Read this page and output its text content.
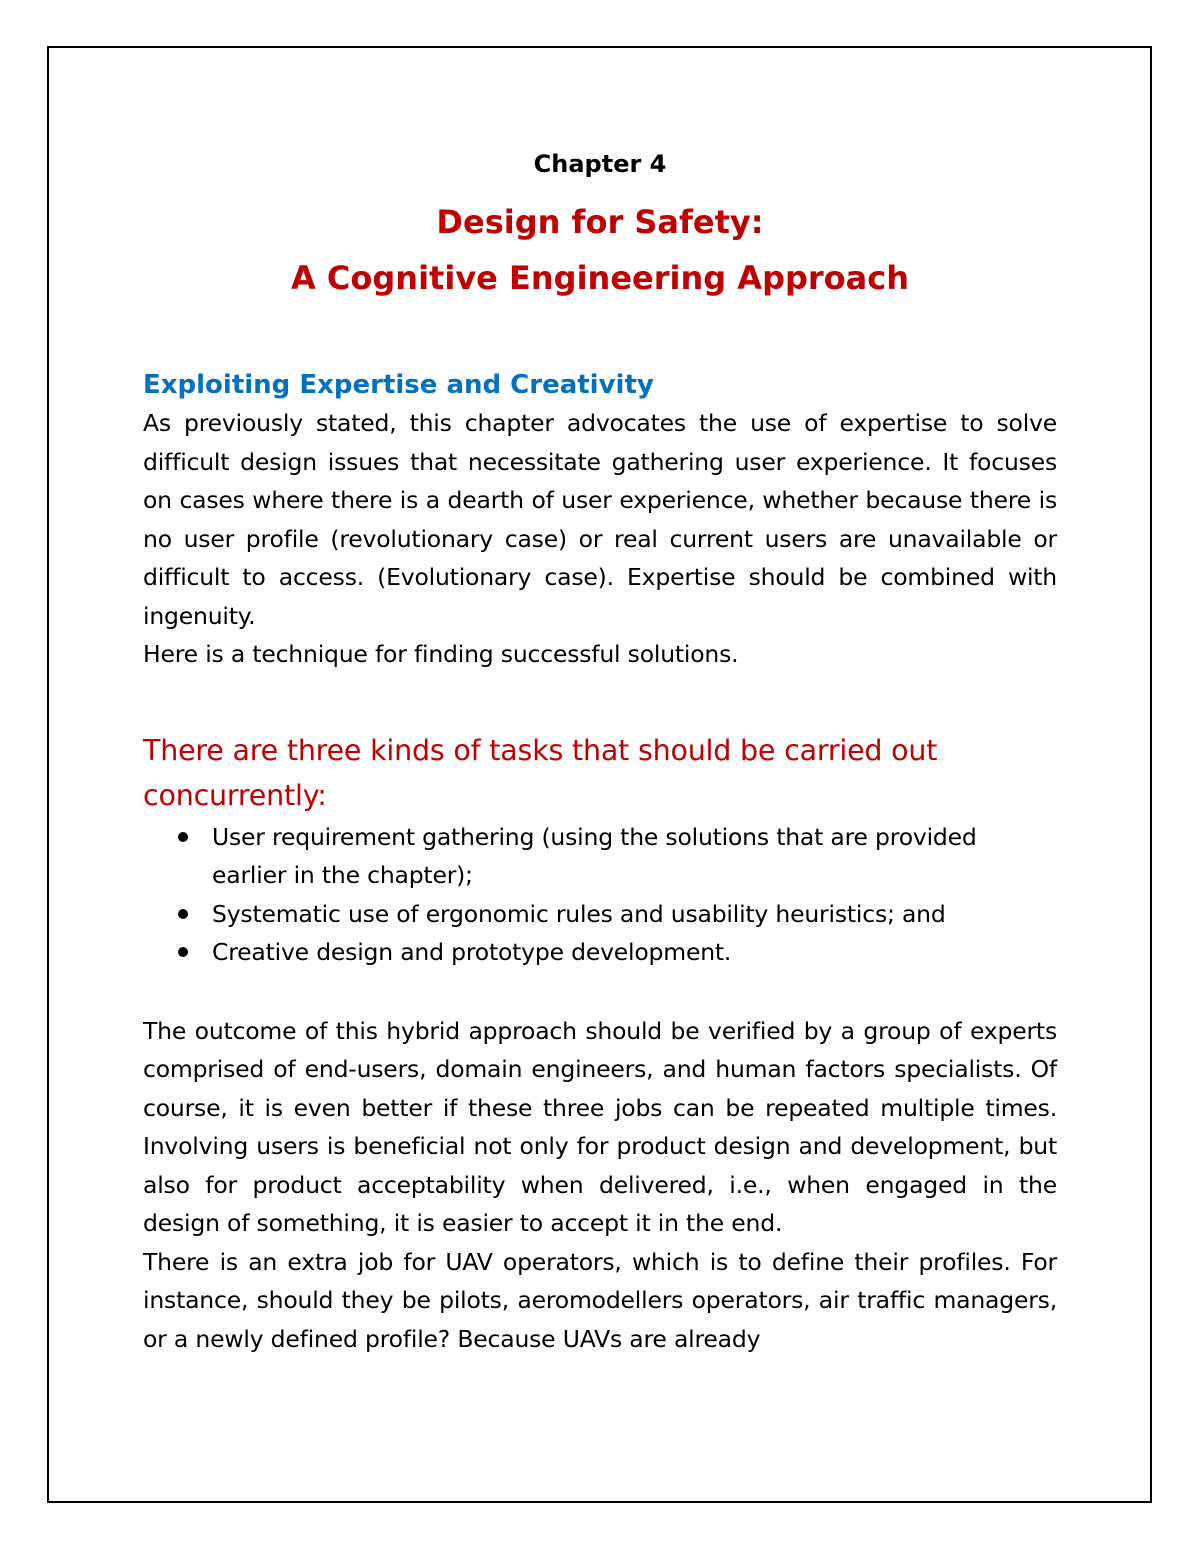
Chapter 4
Design for Safety:
A Cognitive Engineering Approach
Exploiting Expertise and Creativity

As previously stated, this chapter advocates the use of expertise to solve difficult design issues that necessitate gathering user experience. It focuses on cases where there is a dearth of user experience, whether because there is no user profile (revolutionary case) or real current users are unavailable or difficult to access. (Evolutionary case). Expertise should be combined with ingenuity.

Here is a technique for finding successful solutions.

There are three kinds of tasks that should be carried out concurrently:
User requirement gathering (using the solutions that are provided earlier in the chapter);
Systematic use of ergonomic rules and usability heuristics; and
Creative design and prototype development.

The outcome of this hybrid approach should be verified by a group of experts comprised of end-users, domain engineers, and human factors specialists. Of course, it is even better if these three jobs can be repeated multiple times. Involving users is beneficial not only for product design and development, but also for product acceptability when delivered, i.e., when engaged in the design of something, it is easier to accept it in the end.

There is an extra job for UAV operators, which is to define their profiles. For instance, should they be pilots, aeromodellers operators, air traffic managers, or a newly defined profile? Because UAVs are already
